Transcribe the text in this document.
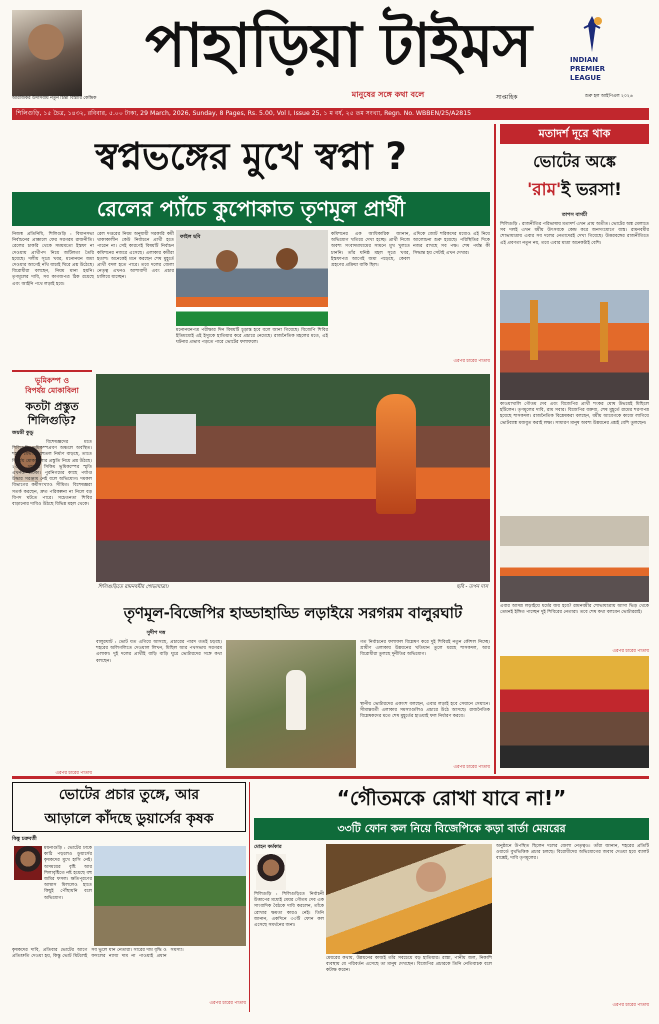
আরজিকর উদাসব্যয় নতুন চিন্তা বিস্তারি কেন্দ্রিক
পাহাড়িয়া টাইমস
মানুষের সঙ্গে কথা বলে	সাপ্তাহিক
INDIAN
PREMIER
LEAGUE
শুরু হল আইপিএল ২০২৬
শিলিগুড়ি, ১৫ চৈত্র, ১৪৩২, রবিবার, ৫.০০ টাকা, 29 March, 2026, Sunday, 8 Pages, Rs. 5.00, Vol I, Issue 25, ১ ম বর্ষ, ২৫ তম সংখ্যা, Regn. No. WBBEN/25/A2815
স্বপ্নভঙ্গের মুখে স্বপ্না ?
রেলের প্যাঁচে কুপোকাত তৃণমূল প্রার্থী
নিজস্ব প্রতিনিধি, শিলিগুড়ি : বিধানসভা নির্বাচনের প্রাক্কালে ফের সরগরম রাজনীতি। রেলের চাকরি থেকে সময়মতো ইস্তফা না দেওয়ায় প্রার্থীপদ নিয়ে জটিলতা তৈরি হয়েছে। দলীয় সূত্রে খবর, মনোনয়ন জমা দেওয়ার আগেই নথি যাচাই ঘিরে প্রশ্ন উঠেছে। বিরোধীরা বলছেন, নিয়ম মানা হয়নি। তৃণমূলের দাবি, সব কাগজপত্র ঠিক রয়েছে এবং আইনি পথে লড়াই হবে।
রেল দপ্তরের নিয়ম অনুযায়ী সরকারি কর্মী থাকাকালীন কেউ নির্বাচনে প্রার্থী হতে পারেন না। সেই কারণেই বিষয়টি নির্বাচন কমিশনের নজরে এসেছে। এলাকার কর্মীরা হতাশ। অনেকেই মনে করছেন শেষ মুহূর্তে প্রার্থী বদল হতে পারে। তবে দলের জেলা নেতৃত্ব এখনও আশাবাদী এবং প্রচার চালিয়ে যাচ্ছেন।
ফাইল ছবি
মনোনয়নপত্র পরীক্ষার দিন বিষয়টি চূড়ান্ত হবে বলে জানা গিয়েছে। বিজেপি শিবির ইতিমধ্যেই এই ইস্যুকে হাতিয়ার করে প্রচারে নেমেছে। রাজনৈতিক মহলের মতে, এই ঘটনার প্রভাব পড়তে পারে ভোটের ফলাফলে।
কমিশনের এক আধিকারিক জানান, অভিযোগ খতিয়ে দেখা হচ্ছে। প্রার্থী নিজে অবশ্য সংবাদমাধ্যমের সামনে মুখ খুলতে চাননি। তাঁর ঘনিষ্ঠ মহল সূত্রে খবর, ইস্তফাপত্র আগেই জমা পড়েছে, কেবল গ্রহণের প্রক্রিয়া বাকি ছিল।
এদিকে জোট শরিকদের মধ্যেও এই নিয়ে আলোচনা শুরু হয়েছে। পরিস্থিতির দিকে নজর রাখছে সব পক্ষ। শেষ পর্যন্ত কী সিদ্ধান্ত হয় সেটাই এখন দেখার।
এরপর চারের পাতায়
ভূমিকম্প ও
বিপর্যয় মোকাবিলা
কতটা প্রস্তুত
শিলিগুড়ি?
জয়ন্তী কুন্ডু
বিশেষজ্ঞদের মতে শিলিগুড়ি ভূমিকম্পপ্রবণ অঞ্চলে অবস্থিত। শহরে যেভাবে বহুতল নির্মাণ বাড়ছে, তাতে বিপর্যয় মোকাবিলার প্রস্তুতি নিয়ে প্রশ্ন উঠছে। ২০১১ সালের সিকিম ভূমিকম্পের স্মৃতি এখনও টাটকা। পুরনিগমের কাছে পর্যাপ্ত উদ্ধার সরঞ্জাম নেই বলে অভিযোগ। দমকল বিভাগের কর্মীসংখ্যাও সীমিত। বিশেষজ্ঞরা সতর্ক করছেন, দ্রুত পরিকল্পনা না নিলে বড় বিপদ ঘটতে পারে। সচেতনতা শিবির বাড়ানোর দাবিও উঠছে বিভিন্ন মহল থেকে।
এরপর চারের পাতায়
শিলিগুড়িতে রামনবমীর শোভাযাত্রা।	ছবি - তপন দাস
তৃণমূল-বিজেপির হাড্ডাহাড্ডি লড়াইয়ে সরগরম বালুরঘাট
সুদীপ দত্ত
বালুরঘাট : ভোট যত এগিয়ে আসছে, প্রচারের পারদ ততই চড়ছে। শহরের অলিগলিতে দেওয়াল লিখন, মিছিল আর পথসভায় সরগরম এলাকা। দুই দলের প্রার্থীই বাড়ি বাড়ি ঘুরে ভোটারদের সঙ্গে কথা বলছেন।
গত নির্বাচনের ফলাফল বিশ্লেষণ করে দুই শিবিরই নতুন কৌশল নিচ্ছে। গ্রামীণ এলাকায় উন্নয়নের খতিয়ান তুলে ধরছে শাসকদল, আর বিরোধীরা তুলছে দুর্নীতির অভিযোগ।
স্থানীয় ভোটারদের একাংশ বলছেন, এবার লড়াই হবে সেয়ানে সেয়ানে। সীমান্তবর্তী এলাকার সমস্যাগুলিও প্রচারে উঠে আসছে। রাজনৈতিক বিশ্লেষকদের মতে শেষ মুহূর্তের হাওয়াই ফল নির্ধারণ করবে।
এরপর চারের পাতায়
মতাদর্শ দূরে থাক
ভোটের অঙ্কে
'রাম'ই ভরসা!
তাপস বাগচী
শিলিগুড়ি : রাজনীতির পরিভাষায় মতাদর্শ এখন প্রায় অতীত। ভোটের অঙ্ক মেলাতে সব দলই এখন ধর্মীয় উৎসবকে কেন্দ্র করে জনসংযোগে ব্যস্ত। রামনবমীর শোভাযাত্রায় এবার সব দলের নেতাদেরই দেখা গিয়েছে। উত্তরবঙ্গের রাজনীতিতে এই প্রবণতা নতুন নয়, তবে এবার মাত্রা অনেকটাই বেশি।
কাওয়াখালি গৌতম দেব এবং বিজেপির প্রার্থী শংকর ঘোষ উভয়েই মিছিলে হাঁটলেন। তৃণমূলের দাবি, রাম সবার। বিজেপির বক্তব্য, শেষ মুহূর্তে রামের শরণাপন্ন হয়েছে শাসকদল। রাজনৈতিক বিশ্লেষকরা বলছেন, ধর্মীয় আবেগকে কাজে লাগিয়ে ভোটব্যাঙ্ক মজবুত করাই লক্ষ্য। সাধারণ মানুষ অবশ্য উন্নয়নের প্রশ্নই বেশি তুলছেন।
এবার আসন্ন লড়াইয়ে ধর্মের জয় হবে? রামনবমীর শোভাযাত্রায় আসা ভিড় থেকে তেমনই ইঙ্গিত পাচ্ছেন দুই শিবিরের নেতারা। তবে শেষ কথা বলবেন ভোটাররাই।
এরপর চারের পাতায়
ভোটের প্রচার তুঙ্গে, আর
আড়ালে কাঁদছে ডুয়ার্সের কৃষক
কিঙ্কু চক্রবর্তী
ময়নাগুড়ি : ভোটের ঢাকে কাঠি পড়লেও ডুয়ার্সের কৃষকদের মুখে হাসি নেই। অসময়ের বৃষ্টি আর শিলাবৃষ্টিতে নষ্ট হয়েছে বহু জমির ফসল। ক্ষতিপূরণের আশ্বাস মিললেও হাতে কিছুই পৌঁছায়নি বলে অভিযোগ।
কৃষকদের দাবি, প্রতিবার ভোটের আগে প্রতিশ্রুতি দেওয়া হয়, কিন্তু ভোট মিটলেই সব ভুলে যান নেতারা। সারের দাম বৃদ্ধি ও ফসলের ন্যায্য দাম না পাওয়াই প্রধান সমস্যা।
এরপর চারের পাতায়
“গৌতমকে রোখা যাবে না!”
৩৩টি ফোন কল নিয়ে বিজেপিকে কড়া বার্তা মেয়রের
মোহন কর্মকার
শিলিগুড়ি : শিলিগুড়িতে নির্বাচনী উত্তাপের মধ্যেই মেয়র গৌতম দেব এক সাংবাদিক বৈঠকে দাবি করলেন, তাঁকে রোখার ক্ষমতা কারও নেই। তিনি জানান, একদিনে ৩৩টি ফোন কল এসেছে সমর্থনের জন্য।
মেয়রের কথায়, উন্নয়নের কাজই তাঁর সবচেয়ে বড় হাতিয়ার। রাস্তা, পানীয় জল, নিকাশি ব্যবস্থায় যে পরিবর্তন এসেছে তা মানুষ দেখছেন। বিজেপির প্রচারকে তিনি নেতিবাচক বলে কটাক্ষ করেন।
অনুষ্ঠানে উপস্থিত ছিলেন দলের জেলা নেতৃত্বও। তাঁরা জানান, শহরের প্রতিটি ওয়ার্ডে বুথভিত্তিক প্রচার চলছে। বিরোধীদের অভিযোগের জবাব দেওয়া হবে ব্যালট বাক্সেই, দাবি তৃণমূলের।
এরপর চারের পাতায়
